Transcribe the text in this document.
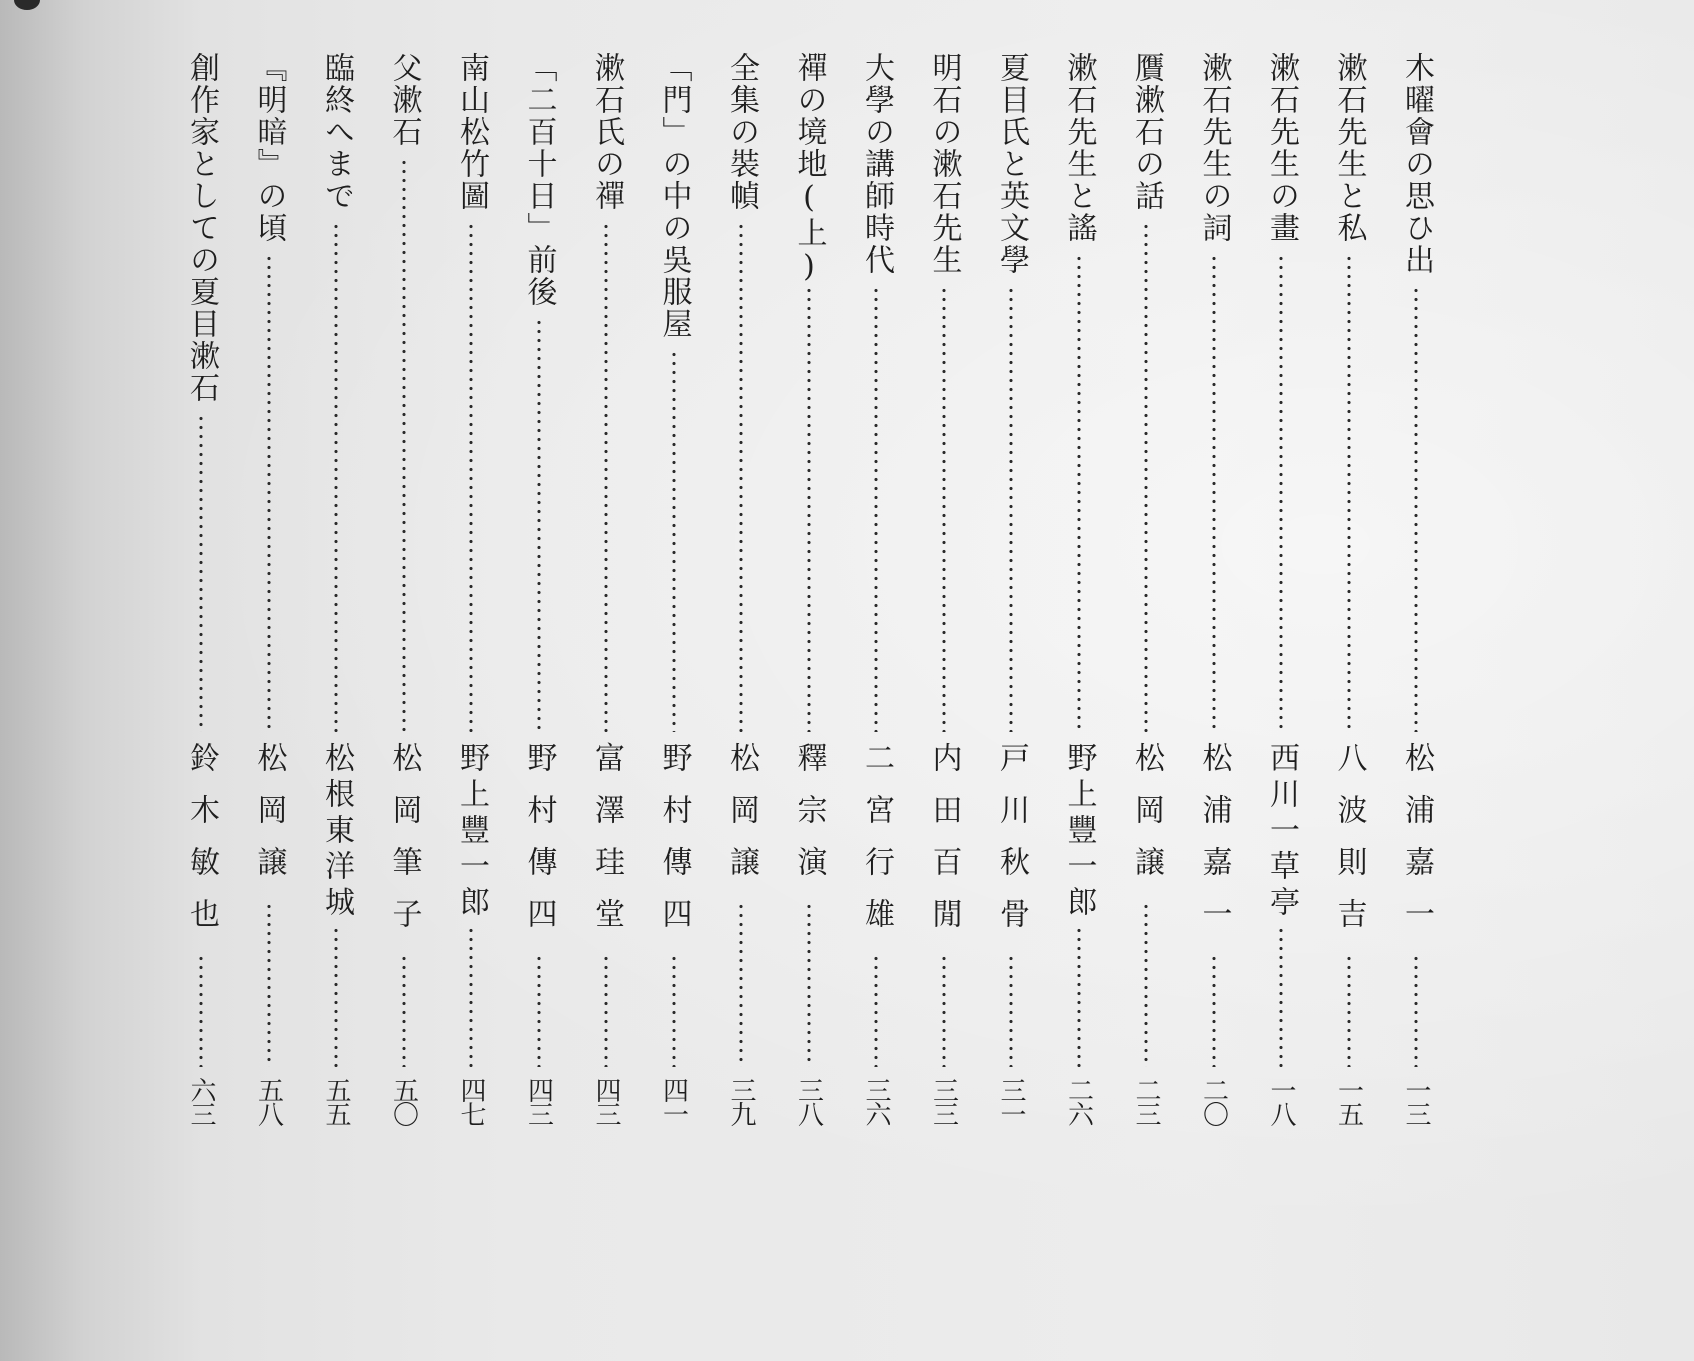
木曜會の思ひ出
松浦嘉一
一三
漱石先生と私
八波則吉
一五
漱石先生の畫
西川一草亭
一八
漱石先生の詞
松浦嘉一
二〇
贋漱石の話
松岡譲
二三
漱石先生と謠
野上豐一郎
二六
夏目氏と英文學
戸川秋骨
三一
明石の漱石先生
内田百閒
三三
大學の講師時代
二宮行雄
三六
禪の境地(上)
釋宗演
三八
全集の裝幀
松岡譲
三九
「門」の中の吳服屋
野村傳四
四一
漱石氏の禪
富澤珪堂
四三
「二百十日」前後
野村傳四
四三
南山松竹圖
野上豐一郎
四七
父漱石
松岡筆子
五〇
臨終へまで
松根東洋城
五五
『明暗』の頃
松岡譲
五八
創作家としての夏目漱石
鈴木敏也
六三
